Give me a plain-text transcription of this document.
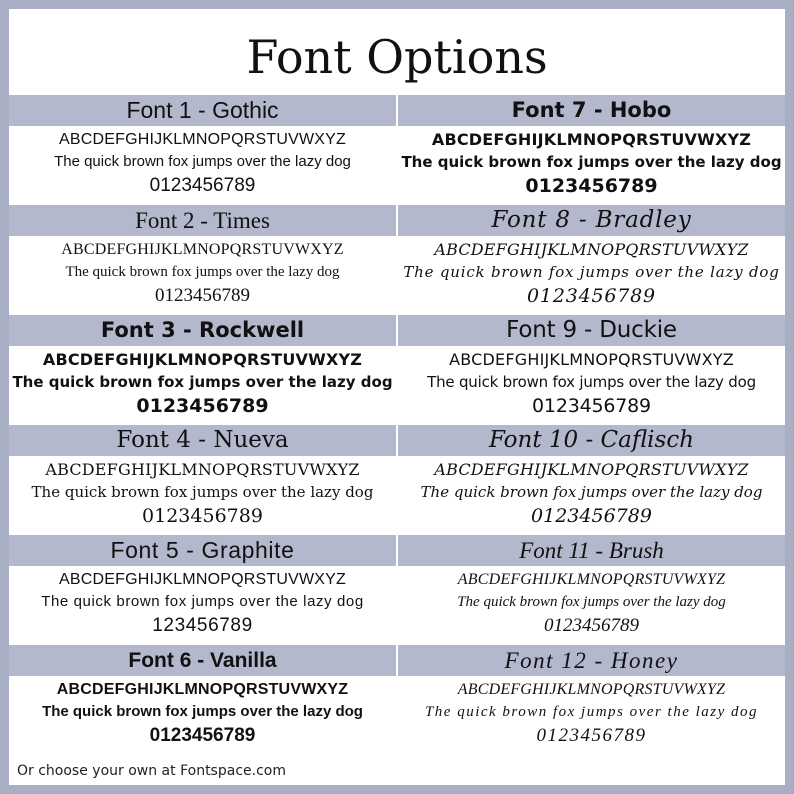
Font Options
Font 1 - Gothic
ABCDEFGHIJKLMNOPQRSTUVWXYZ
The quick brown fox jumps over the lazy dog
0123456789
Font 7 - Hobo
ABCDEFGHIJKLMNOPQRSTUVWXYZ
The quick brown fox jumps over the lazy dog
0123456789
Font 2 - Times
ABCDEFGHIJKLMNOPQRSTUVWXYZ
The quick brown fox jumps over the lazy dog
0123456789
Font 8 - Bradley
ABCDEFGHIJKLMNOPQRSTUVWXYZ
The quick brown fox jumps over the lazy dog
0123456789
Font 3 - Rockwell
ABCDEFGHIJKLMNOPQRSTUVWXYZ
The quick brown fox jumps over the lazy dog
0123456789
Font 9 - Duckie
ABCDEFGHIJKLMNOPQRSTUVWXYZ
The quick brown fox jumps over the lazy dog
0123456789
Font 4 - Nueva
ABCDEFGHIJKLMNOPQRSTUVWXYZ
The quick brown fox jumps over the lazy dog
0123456789
Font 10 - Caflisch
ABCDEFGHIJKLMNOPQRSTUVWXYZ
The quick brown fox jumps over the lazy dog
0123456789
Font 5 - Graphite
ABCDEFGHIJKLMNOPQRSTUVWXYZ
The quick brown fox jumps over the lazy dog
123456789
Font 11 - Brush
ABCDEFGHIJKLMNOPQRSTUVWXYZ
The quick brown fox jumps over the lazy dog
0123456789
Font 6 - Vanilla
ABCDEFGHIJKLMNOPQRSTUVWXYZ
The quick brown fox jumps over the lazy dog
0123456789
Font 12 - Honey
ABCDEFGHIJKLMNOPQRSTUVWXYZ
The quick brown fox jumps over the lazy dog
0123456789
Or choose your own at Fontspace.com
